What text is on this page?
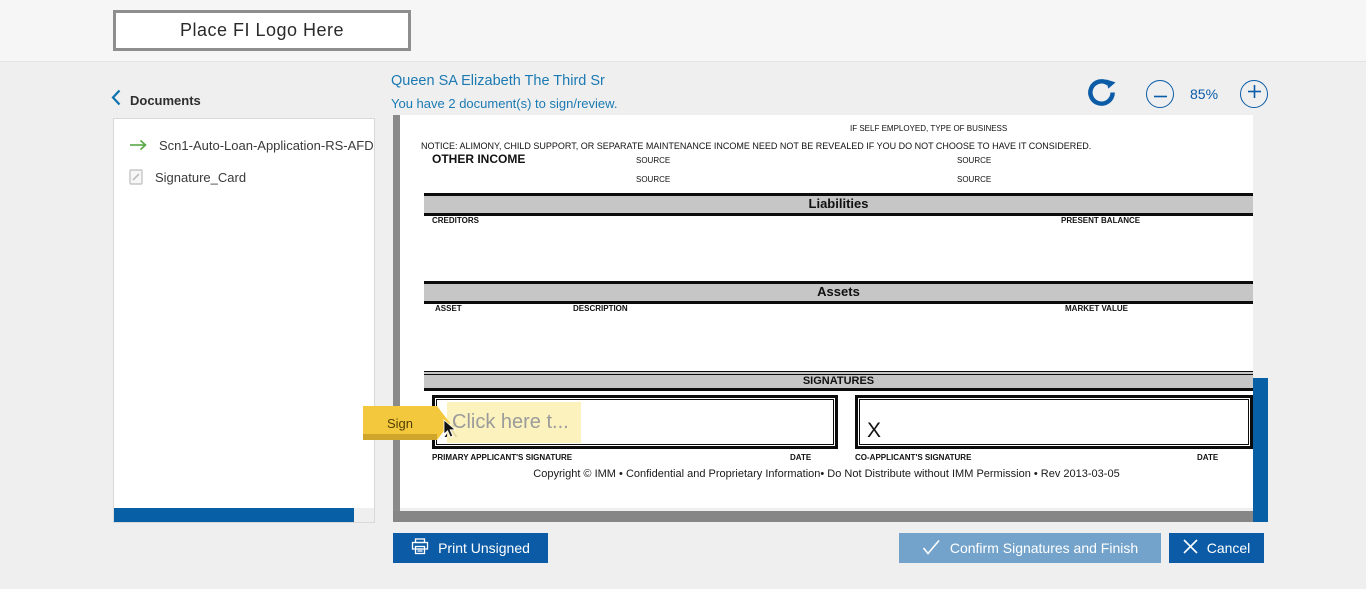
Place FI Logo Here
Documents
Scn1-Auto-Loan-Application-RS-AFD
Signature_Card
Queen SA Elizabeth The Third Sr
You have 2 document(s) to sign/review.
85%
IF SELF EMPLOYED, TYPE OF BUSINESS
NOTICE: ALIMONY, CHILD SUPPORT, OR SEPARATE MAINTENANCE INCOME NEED NOT BE REVEALED IF YOU DO NOT CHOOSE TO HAVE IT CONSIDERED.
OTHER INCOME	SOURCE	SOURCE
SOURCE	SOURCE
Liabilities
CREDITORS	PRESENT BALANCE
Assets
ASSET	DESCRIPTION	MARKET VALUE
SIGNATURES
X
Click here t...
PRIMARY APPLICANT'S SIGNATURE	DATE	CO-APPLICANT'S SIGNATURE	DATE
Copyright © IMM • Confidential and Proprietary Information• Do Not Distribute without IMM Permission • Rev 2013-03-05
Sign
Print Unsigned	Confirm Signatures and Finish	Cancel
